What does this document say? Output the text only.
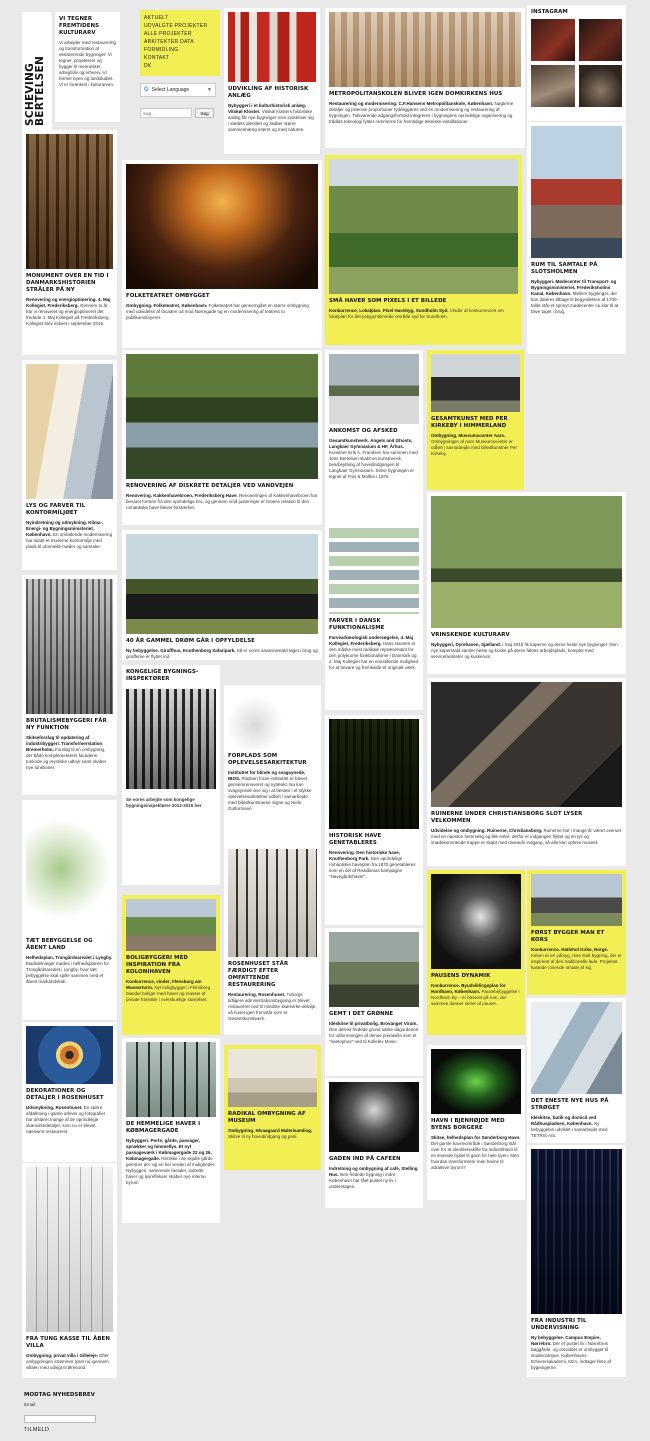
SCHEVING BERTELSEN
VI TEGNER FREMTIDENS KULTURARV

Vi arbejder med restaurering og transformation af eksisterende bygninger. Vi tegner, projekterer og bygger til mennesker, arbejdsliv og erhverv. Vi former byen og landskabet. Vi er forankret i kulturarven.

AKTUELT
UDVALGTE PROJEKTER
ALLE PROJEKTER
ARKITEKTER DATA
FORMIDLING
KONTAKT
DK
G Select Language	▼
Søg...
Søg
UDVIKLING AF HISTORISK ANLÆG

Nybyggeri i et kulturhistorisk anlæg. Vitskøl Kloster. Vitskøl klosters historiske anlæg får nye bygninger som indskriver sig i stedets identitet og skaber større sammenhæng internt og med naturen.

METROPOLITANSKOLEN BLIVER IGEN DOMKIRKENS HUS

Restaurering og modernisering. C.F.Hansens Metropolitanskole, København. Nøgterne detaljer og præcise proportioner tydeliggøres ved en modernisering og restaurering af bygningen. Tidsvarende adgangsforhold integreres i bygningens oprindelige organisering og trådløs teknologi fylder rammerne for fremtidige tekniske installationer.

INSTAGRAM
MONUMENT OVER EN TID I DANMARKSHISTORIEN STRÅLER PÅ NY

Renovering og energioptimering. 4. Maj Kollegiet, Frederiksberg. Gennem to år har vi renoveret og energioptimeret det fredede 4. Maj Kollegiet på Frederiksberg. Kollegiet blev indviet i september 2016.

FOLKETEATRET OMBYGGET

Ombygning. Folketeatret, København. Folketeatret har gennemgået en større ombygning med udvidelse af facaden ud mod Nørregade og en modernisering af teatrets to publikumsfoyerer.

SMÅ HAVER SOM PIXELS I ET BILLEDE

Konkurrence, Lokalplan. Pixel Havebyg, Sundholm Syd. Vinder af konkurrencen om lokalplan for det polygontilmrede område syd for Sundholm.

RUM TIL SAMTALE PÅ SLOTSHOLMEN

Nybyggeri. Mødecenter til Transport- og Bygningsministeriet, Frederiksholms Kanal, København. Mellem bygninger, der kan dateres tilbage til begyndelsen af 1700-tallet står et sprinyt mødecenter nu klar til at blive taget i brug.

LYS OG FARVER TIL KONTORMILJØET

Nyindretning og udmykning. Klima-, Energi- og Bygningsministeriet, København. En omfattende modernisering har skabt et moderne kontormiljø med plads til uformelle møder og samtaler.

RENOVERING AF DISKRETE DETALJER VED VANDVEJEN

Renovering. Kakkenhavebroen, Frederiksberg Have. Renoveringen af Kakkenhavebroen har bevaret formen fra den oprindelige bro, og gennem små justeringer er broens relation til den romantiske have blevet forstærket.

ANKOMST OG AFSKED

Gesamtkunstwerk. Angels and Ghosts, Langkaer Gymnasium & HF, Århus. Kunstner Erik A. Frandsen har sammen med Jens Bertelsen skabt en kunstnerisk bearbejdning af hovedindgangen til Langkaer Gymnasium. Selve bygningen er tegnet af Friis & Moltke i 1976.

GESAMTKUNST MED PER KIRKEBY I HIMMERLAND

Ombygning. Museumscenter Aars. Ombygningen af Aars Museumscenter er udført i samarbejde med billedkunstner Per Kirkeby.

BRUTALISMEBYGGERI FÅR NY FUNKTION

Skitseforslag til opdatering af industribyggeri. Transformerstation Bremerholm. Forslag til en ombygning, der både komplementerer facadens tunkode og mystiske udtryk samt skaber nye funktioner.

40 ÅR GAMMEL DRØM GÅR I OPFYLDELSE

Ny bebyggelse. Giraffhus, Knuthenborg Safaripark. Så er vores savannestald taget i brug og giraffeme er flyttet ind.

FARVER I DANSK FUNKTIONALISME

Farvearkæologisk undersøgelse, 4. Maj Kollegiet, Frederiksberg. Hans Hansen er den måske mest radikale repræsentant for den polykrome funktionalisme i Danmark og 4. Maj Kollegiet har en enestående mulighed for at bevare og fremkalde et originalt værk.

VRINSKENDE KULTURARV

Nybyggeri, Dyrehaven, Sjælland. I maj 2015 fik kaperne og deres heste nye bygninger. Den nye kaperstald samler heste og kuske på deres faktes arbejdsplads, komplet med servicefaciliteter og kuskerum.

KONGELIGE BYGNINGS-INSPEKTØRER

Se vores arbejde som kongelige bygningsinspektører 2012-2015 her

FORPLADS SOM OPLEVELSESARKITEKTUR

Instituttet for blinde og svagsynede, IBOS. Pladsen foran instituttet er blevet gennemrenoveret og nytænkt. Nu kan svagsynede øve sig i at færdes i et stykke oplevelsesarkitektur udført i samarbejde med billedkunstnerne Signe og Niels Guttormsen.

HISTORISK HAVE GENETABLERES

Renovering. Den historiske have, Knuthenborg Park. Den oprindelige romantiske haveplan fra 1870 genetableres som en del af Realdanias kampagne "Havegårdshaver".

RUINERNE UNDER CHRISTIANSBORG SLOT LYSER VELKOMMEN

Udvidelse og ombygning. Ruinerne, Christiansborg. Ruinerne har i mange år været overset med en naesten hemmelig og lille entré, derfor er indgangen flyttet og en lys og imødekommende trappe er skabt med niveaufri indgang, så alle kan opleve museet.

TÆT BEBYGGELSE OG ÅBENT LAND

Helhedsplan, Trongårdsarealet i Lyngby. Modsætninger mødes i helhedsplanen for Trongårdsarealet i Lyngby, hvor tæt bebyggelse skal spille sammen med et åbent markandskab.

ROSENHUSET STÅR FÆRDIGT EFTER OMFATTENDE RESTAURERING

Restaurering, Rosenhuset. Tuborgs tidligere administrationsbygning er blevet restaureret ned til mindste skønvirke-detalje, så huset igen fremstår som et Gesamtkunstwerk.

BOLIGBYGGERI MED INSPIRATION FRA KOLONIHAVEN

Konkurrence, vinder, Flensburg am Wasserturm. Nyt boligbyggeri i Flensborg blander boliger med haver og masser af private frarealer i overskuelige størrelser.

GEMT I DET GRØNNE

Idéskitse til privatbolig, Brovanget Virum. Den delvist fredede grund sætte dagordenen for udformningen af denne privatvilla som et "naetophus" ned til Kollelev Mose.

PAUSENS DYNAMIK

Konkurrence. Byudviklingsplan for Nordhavn, København. Pausebebyggelse i Nordhavn By – er baseret på rum, der sammen danner serier af pauser.

FØRST BYGGER MAN ET KORS

Konkurrence. Hatlehol Kirke, Norge. Kirken er en ydmyg, men stolt bygning, der er inspireret af den traditionelle lade. Projektet kastede rosende omtale af sig.

DEKORATIONER OG DETALJER I ROSENHUSET

Udsmykning, Rosenhuset. En større afdækning i gamle arkiver og fotografier har afsløret mange af de oprindelige skønvirkedetaljer, som nu er blevet nøeswmt restaureret.

DE HEMMELIGE HAVER I KØBMAGERGADE

Nybyggeri. Porte, gårde, passager, sprækker og himmellys. Et nyt passageværk i Købmagergade 22 og 26, Købmagergade. Henikke i de skjulte gårde gemmer der sig en hel verden af muligheder. Nybyggeri, varierende facader, lodrette haver og lysreflekser skaber nye interne byrum

RADIKAL OMBYGNING AF MUSEUM

Ombygning. Nivaagaard Malerisamling. Skitse til ny hovedindgang og park.

GADEN IND PÅ CAFEEN

Indretning og ombygning af café, Stelling Hus. Den fredede bygning i indre København har fået pustet ny liv i underetagen.

HAVN I BJENHØJDE MED BYENS BORGERE

Skitse, helhedsplan for Sønderborg Havn. Det gamle havneområde i Sønderborg står over for at identitetsskifte fra industrihavn til en levende bydel til gavn for hele byen. Men hvordan transformerer man havne til attraktive byrum?

DET ENESTE NYE HUS PÅ STRØGET

Idéskitse, butik og domicil ved Rådhuspladsen, København. Ny bebyggelse udviklet i samarbejde med TETRIS A/S.

FRA TUNG KASSE TIL ÅBEN VILLA

Ombygning, privat villa i Gilleleje. Efter ombygningen strømmer lyset nu igennem villaen med udsigt til Øresund.

FRA INDUSTRI TIL UNDERVISNING

Ny bebyggelse. Campus Empire, Nørrebro. Der er pustet liv i Nørrebros bøggårde, og omviddet er ombygget til studiecampus. Københavns Erhvervsakademi, KEA, indtager flere af bygningerne.

MODTAG NYHEDSBREV
Email:
TILMELD
